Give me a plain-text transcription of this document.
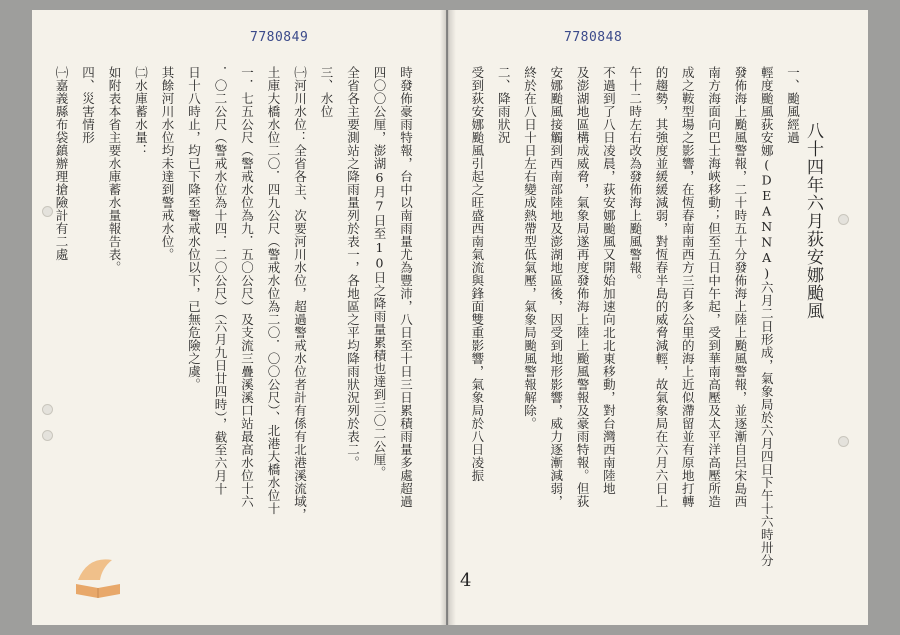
7780849
時發佈豪雨特報，台中以南雨量尤為豐沛，八日至十日三日累積雨量多處超過
四〇〇公厘，澎湖6月7日至10日之降雨量累積也達到三〇二公厘。
全省各主要測站之降雨量列於表一，各地區之平均降雨狀況列於表二。
三、水位
㈠河川水位：全省各主、次要河川水位，超過警戒水位者計有係有北港溪流域，
土庫大橋水位二〇．四九公尺（警戒水位為二〇．〇〇公尺）、北港大橋水位十
一．七五公尺（警戒水位為九．五〇公尺）及支流三疊溪溪口站最高水位十六
．〇二公尺（警戒水位為十四．二〇公尺）（六月九日廿四時），截至六月十
日十八時止，均已下降至警戒水位以下，已無危險之虞。
其餘河川水位均未達到警戒水位。
㈡水庫蓄水量：
如附表本省主要水庫蓄水量報告表。
四、災害情形
㈠嘉義縣布袋鎮辦理搶險計有二處
7780848
4
八十四年六月荻安娜颱風
一、颱風經過
輕度颱風荻安娜(DEANNA)六月二日形成，氣象局於六月四日下午十六時卅分
發佈海上颱風警報，二十時五十分發佈海上陸上颱風警報，並逐漸自呂宋島西
南方海面向巴士海峽移動；但至五日中午起，受到華南高壓及太平洋高壓所造
成之鞍型場之影響，在恆春南南西方三百多公里的海上近似滯留並有原地打轉
的趨勢，其強度並緩緩減弱，對恆春半島的威脅減輕，故氣象局在六月六日上
午十二時左右改為發佈海上颱風警報。
不過到了八日凌晨，荻安娜颱風又開始加速向北北東移動，對台灣西南陸地
及澎湖地區構成威脅，氣象局遂再度發佈海上陸上颱風警報及豪雨特報。但荻
安娜颱風接觸到西南部陸地及澎湖地區後，因受到地形影響，威力逐漸減弱，
終於在八日十日左右變成熱帶型低氣壓，氣象局颱風警報解除。
二、降雨狀況
受到荻安娜颱風引起之旺盛西南氣流與鋒面雙重影響，氣象局於八日凌振
